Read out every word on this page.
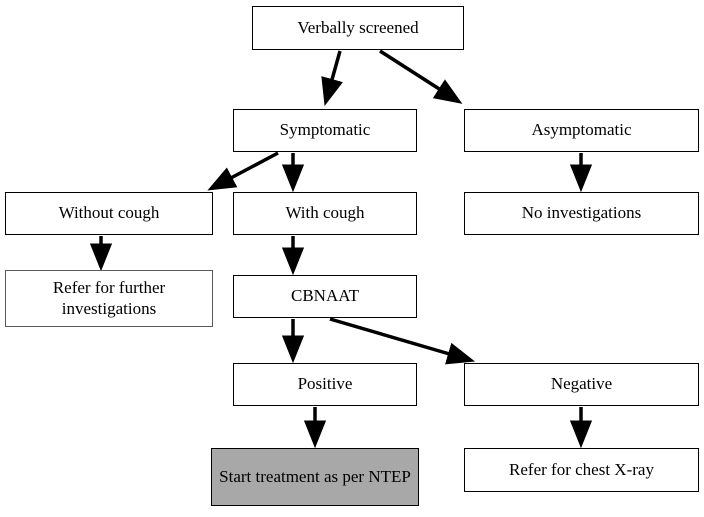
Verbally screened
Symptomatic	Asymptomatic
Without cough	With cough	No investigations
Refer for further investigations
CBNAAT
Positive	Negative
Start treatment as per NTEP	Refer for chest X-ray
